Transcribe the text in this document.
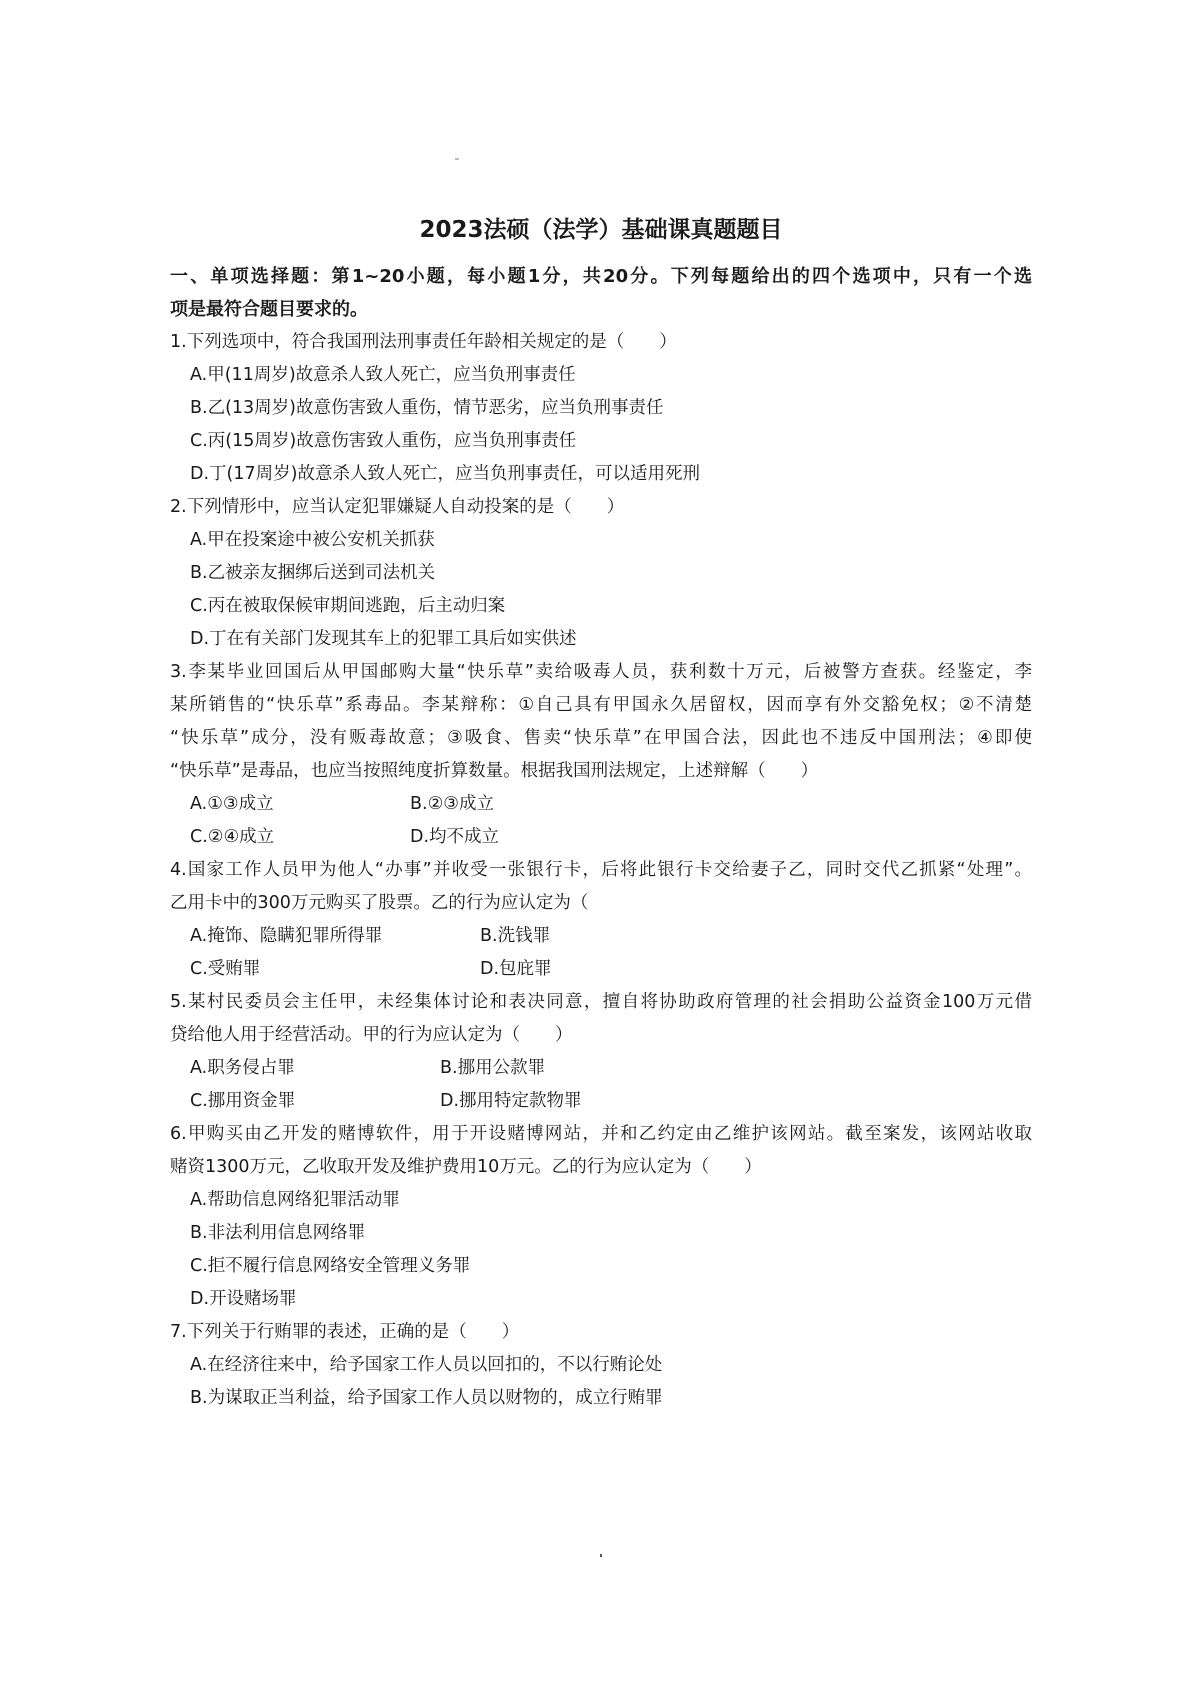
2023法硕（法学）基础课真题题目
一、单项选择题：第1~20小题，每小题1分，共20分。下列每题给出的四个选项中，只有一个选
项是最符合题目要求的。
1.下列选项中，符合我国刑法刑事责任年龄相关规定的是（　　）
A.甲(11周岁)故意杀人致人死亡，应当负刑事责任
B.乙(13周岁)故意伤害致人重伤，情节恶劣，应当负刑事责任
C.丙(15周岁)故意伤害致人重伤，应当负刑事责任
D.丁(17周岁)故意杀人致人死亡，应当负刑事责任，可以适用死刑
2.下列情形中，应当认定犯罪嫌疑人自动投案的是（　　）
A.甲在投案途中被公安机关抓获
B.乙被亲友捆绑后送到司法机关
C.丙在被取保候审期间逃跑，后主动归案
D.丁在有关部门发现其车上的犯罪工具后如实供述
3.李某毕业回国后从甲国邮购大量“快乐草”卖给吸毒人员，获利数十万元，后被警方查获。经鉴定，李
某所销售的“快乐草”系毒品。李某辩称：①自己具有甲国永久居留权，因而享有外交豁免权；②不清楚
“快乐草”成分，没有贩毒故意；③吸食、售卖“快乐草”在甲国合法，因此也不违反中国刑法；④即使
“快乐草”是毒品，也应当按照纯度折算数量。根据我国刑法规定，上述辩解（　　）
A.①③成立	B.②③成立
C.②④成立	D.均不成立
4.国家工作人员甲为他人“办事”并收受一张银行卡，后将此银行卡交给妻子乙，同时交代乙抓紧“处理”。
乙用卡中的300万元购买了股票。乙的行为应认定为（
A.掩饰、隐瞒犯罪所得罪	B.洗钱罪
C.受贿罪	D.包庇罪
5.某村民委员会主任甲，未经集体讨论和表决同意，擅自将协助政府管理的社会捐助公益资金100万元借
贷给他人用于经营活动。甲的行为应认定为（　　）
A.职务侵占罪	B.挪用公款罪
C.挪用资金罪	D.挪用特定款物罪
6.甲购买由乙开发的赌博软件，用于开设赌博网站，并和乙约定由乙维护该网站。截至案发，该网站收取
赌资1300万元，乙收取开发及维护费用10万元。乙的行为应认定为（　　）
A.帮助信息网络犯罪活动罪
B.非法利用信息网络罪
C.拒不履行信息网络安全管理义务罪
D.开设赌场罪
7.下列关于行贿罪的表述，正确的是（　　）
A.在经济往来中，给予国家工作人员以回扣的，不以行贿论处
B.为谋取正当利益，给予国家工作人员以财物的，成立行贿罪
